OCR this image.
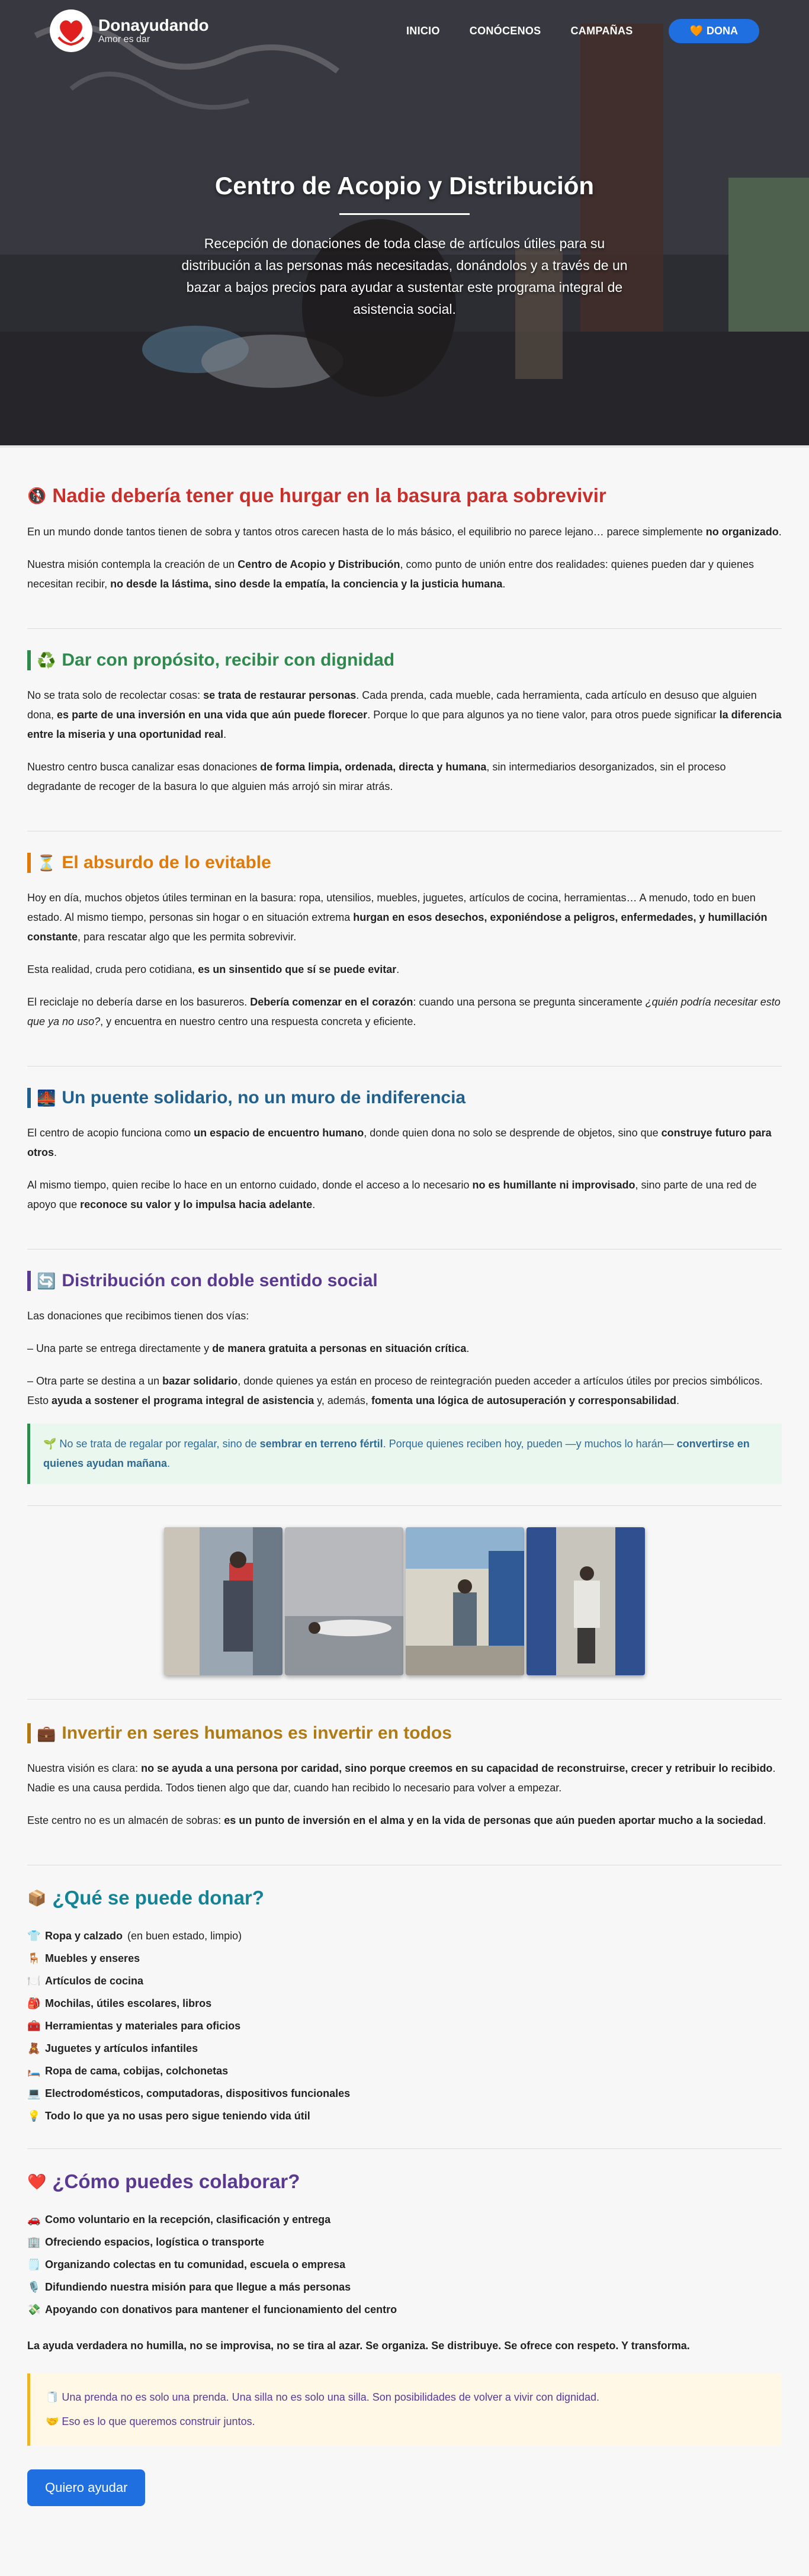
Donayudando
Amor es dar
INICIO	CONÓCENOS	CAMPAÑAS	🧡 DONA
Centro de Acopio y Distribución

Recepción de donaciones de toda clase de artículos útiles para su distribución a las personas más necesitadas, donándolos y a través de un bazar a bajos precios para ayudar a sustentar este programa integral de asistencia social.

🚯 Nadie debería tener que hurgar en la basura para sobrevivir

En un mundo donde tantos tienen de sobra y tantos otros carecen hasta de lo más básico, el equilibrio no parece lejano… parece simplemente no organizado.

Nuestra misión contempla la creación de un Centro de Acopio y Distribución, como punto de unión entre dos realidades: quienes pueden dar y quienes necesitan recibir, no desde la lástima, sino desde la empatía, la conciencia y la justicia humana.

♻️ Dar con propósito, recibir con dignidad

No se trata solo de recolectar cosas: se trata de restaurar personas. Cada prenda, cada mueble, cada herramienta, cada artículo en desuso que alguien dona, es parte de una inversión en una vida que aún puede florecer. Porque lo que para algunos ya no tiene valor, para otros puede significar la diferencia entre la miseria y una oportunidad real.

Nuestro centro busca canalizar esas donaciones de forma limpia, ordenada, directa y humana, sin intermediarios desorganizados, sin el proceso degradante de recoger de la basura lo que alguien más arrojó sin mirar atrás.

⏳ El absurdo de lo evitable

Hoy en día, muchos objetos útiles terminan en la basura: ropa, utensilios, muebles, juguetes, artículos de cocina, herramientas… A menudo, todo en buen estado. Al mismo tiempo, personas sin hogar o en situación extrema hurgan en esos desechos, exponiéndose a peligros, enfermedades, y humillación constante, para rescatar algo que les permita sobrevivir.

Esta realidad, cruda pero cotidiana, es un sinsentido que sí se puede evitar.

El reciclaje no debería darse en los basureros. Debería comenzar en el corazón: cuando una persona se pregunta sinceramente ¿quién podría necesitar esto que ya no uso?, y encuentra en nuestro centro una respuesta concreta y eficiente.

🌉 Un puente solidario, no un muro de indiferencia

El centro de acopio funciona como un espacio de encuentro humano, donde quien dona no solo se desprende de objetos, sino que construye futuro para otros.

Al mismo tiempo, quien recibe lo hace en un entorno cuidado, donde el acceso a lo necesario no es humillante ni improvisado, sino parte de una red de apoyo que reconoce su valor y lo impulsa hacia adelante.

🔄 Distribución con doble sentido social

Las donaciones que recibimos tienen dos vías:

– Una parte se entrega directamente y de manera gratuita a personas en situación crítica.

– Otra parte se destina a un bazar solidario, donde quienes ya están en proceso de reintegración pueden acceder a artículos útiles por precios simbólicos. Esto ayuda a sostener el programa integral de asistencia y, además, fomenta una lógica de autosuperación y corresponsabilidad.

🌱 No se trata de regalar por regalar, sino de sembrar en terreno fértil. Porque quienes reciben hoy, pueden —y muchos lo harán— convertirse en quienes ayudan mañana.
💼 Invertir en seres humanos es invertir en todos

Nuestra visión es clara: no se ayuda a una persona por caridad, sino porque creemos en su capacidad de reconstruirse, crecer y retribuir lo recibido. Nadie es una causa perdida. Todos tienen algo que dar, cuando han recibido lo necesario para volver a empezar.

Este centro no es un almacén de sobras: es un punto de inversión en el alma y en la vida de personas que aún pueden aportar mucho a la sociedad.

📦 ¿Qué se puede donar?
👕 Ropa y calzado (en buen estado, limpio)
🪑 Muebles y enseres
🍽️ Artículos de cocina
🎒 Mochilas, útiles escolares, libros
🧰 Herramientas y materiales para oficios
🧸 Juguetes y artículos infantiles
🛏️ Ropa de cama, cobijas, colchonetas
💻 Electrodomésticos, computadoras, dispositivos funcionales
💡 Todo lo que ya no usas pero sigue teniendo vida útil
❤️ ¿Cómo puedes colaborar?
🚗 Como voluntario en la recepción, clasificación y entrega
🏢 Ofreciendo espacios, logística o transporte
🗒️ Organizando colectas en tu comunidad, escuela o empresa
🎙️ Difundiendo nuestra misión para que llegue a más personas
💸 Apoyando con donativos para mantener el funcionamiento del centro

La ayuda verdadera no humilla, no se improvisa, no se tira al azar. Se organiza. Se distribuye. Se ofrece con respeto. Y transforma.

🧻 Una prenda no es solo una prenda. Una silla no es solo una silla. Son posibilidades de volver a vivir con dignidad.

🤝 Eso es lo que queremos construir juntos.

Quiero ayudar
